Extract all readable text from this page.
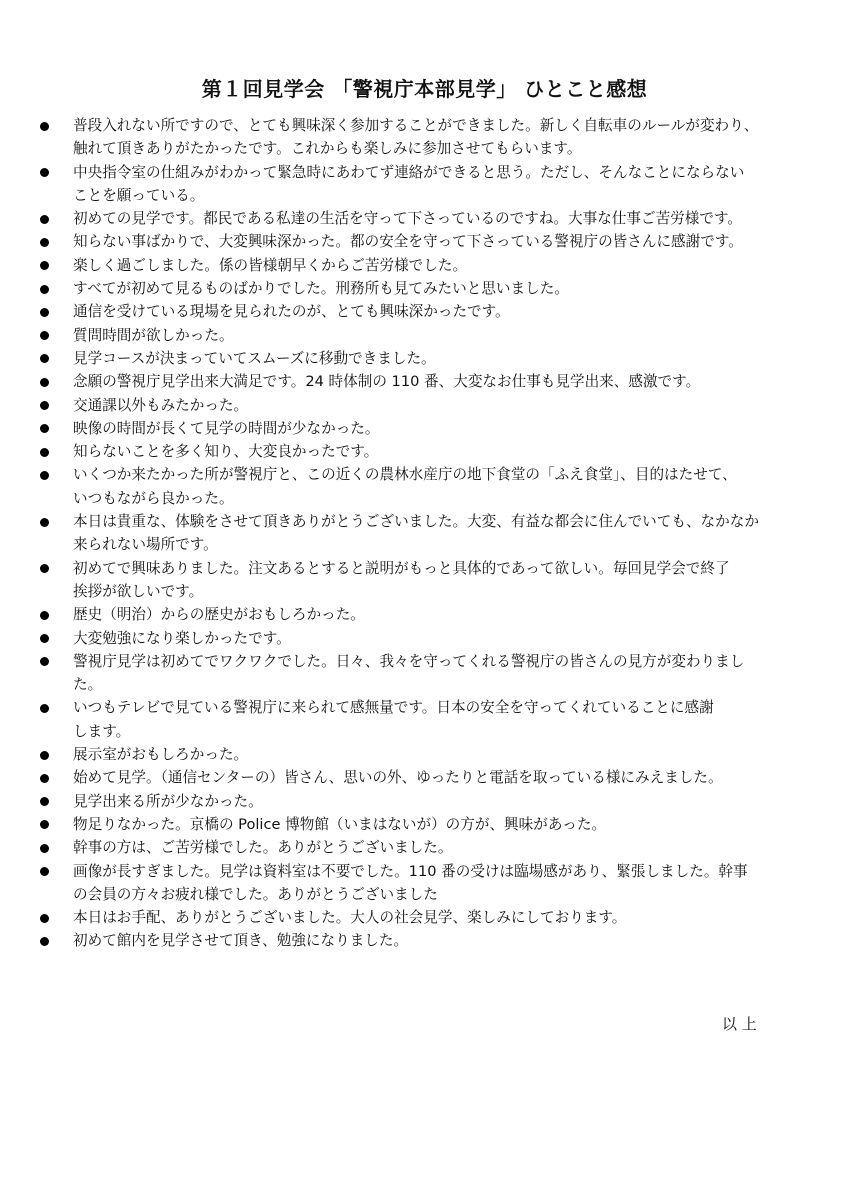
第１回見学会 「警視庁本部見学」 ひとこと感想
普段入れない所ですので、とても興味深く参加することができました。新しく自転車のルールが変わり、
触れて頂きありがたかったです。これからも楽しみに参加させてもらいます。
中央指令室の仕組みがわかって緊急時にあわてず連絡ができると思う。ただし、そんなことにならない
ことを願っている。
初めての見学です。都民である私達の生活を守って下さっているのですね。大事な仕事ご苦労様です。
知らない事ばかりで、大変興味深かった。都の安全を守って下さっている警視庁の皆さんに感謝です。
楽しく過ごしました。係の皆様朝早くからご苦労様でした。
すべてが初めて見るものばかりでした。刑務所も見てみたいと思いました。
通信を受けている現場を見られたのが、とても興味深かったです。
質問時間が欲しかった。
見学コースが決まっていてスムーズに移動できました。
念願の警視庁見学出来大満足です。24 時体制の 110 番、大変なお仕事も見学出来、感激です。
交通課以外もみたかった。
映像の時間が長くて見学の時間が少なかった。
知らないことを多く知り、大変良かったです。
いくつか来たかった所が警視庁と、この近くの農林水産庁の地下食堂の「ふえ食堂」、目的はたせて、
いつもながら良かった。
本日は貴重な、体験をさせて頂きありがとうございました。大変、有益な都会に住んでいても、なかなか
来られない場所です。
初めてで興味ありました。注文あるとすると説明がもっと具体的であって欲しい。毎回見学会で終了
挨拶が欲しいです。
歴史（明治）からの歴史がおもしろかった。
大変勉強になり楽しかったです。
警視庁見学は初めてでワクワクでした。日々、我々を守ってくれる警視庁の皆さんの見方が変わりまし
た。
いつもテレビで見ている警視庁に来られて感無量です。日本の安全を守ってくれていることに感謝
します。
展示室がおもしろかった。
始めて見学。（通信センターの）皆さん、思いの外、ゆったりと電話を取っている様にみえました。
見学出来る所が少なかった。
物足りなかった。京橋の Police 博物館（いまはないが）の方が、興味があった。
幹事の方は、ご苦労様でした。ありがとうございました。
画像が長すぎました。見学は資料室は不要でした。110 番の受けは臨場感があり、緊張しました。幹事
の会員の方々お疲れ様でした。ありがとうございました
本日はお手配、ありがとうございました。大人の社会見学、楽しみにしております。
初めて館内を見学させて頂き、勉強になりました。
以 上
